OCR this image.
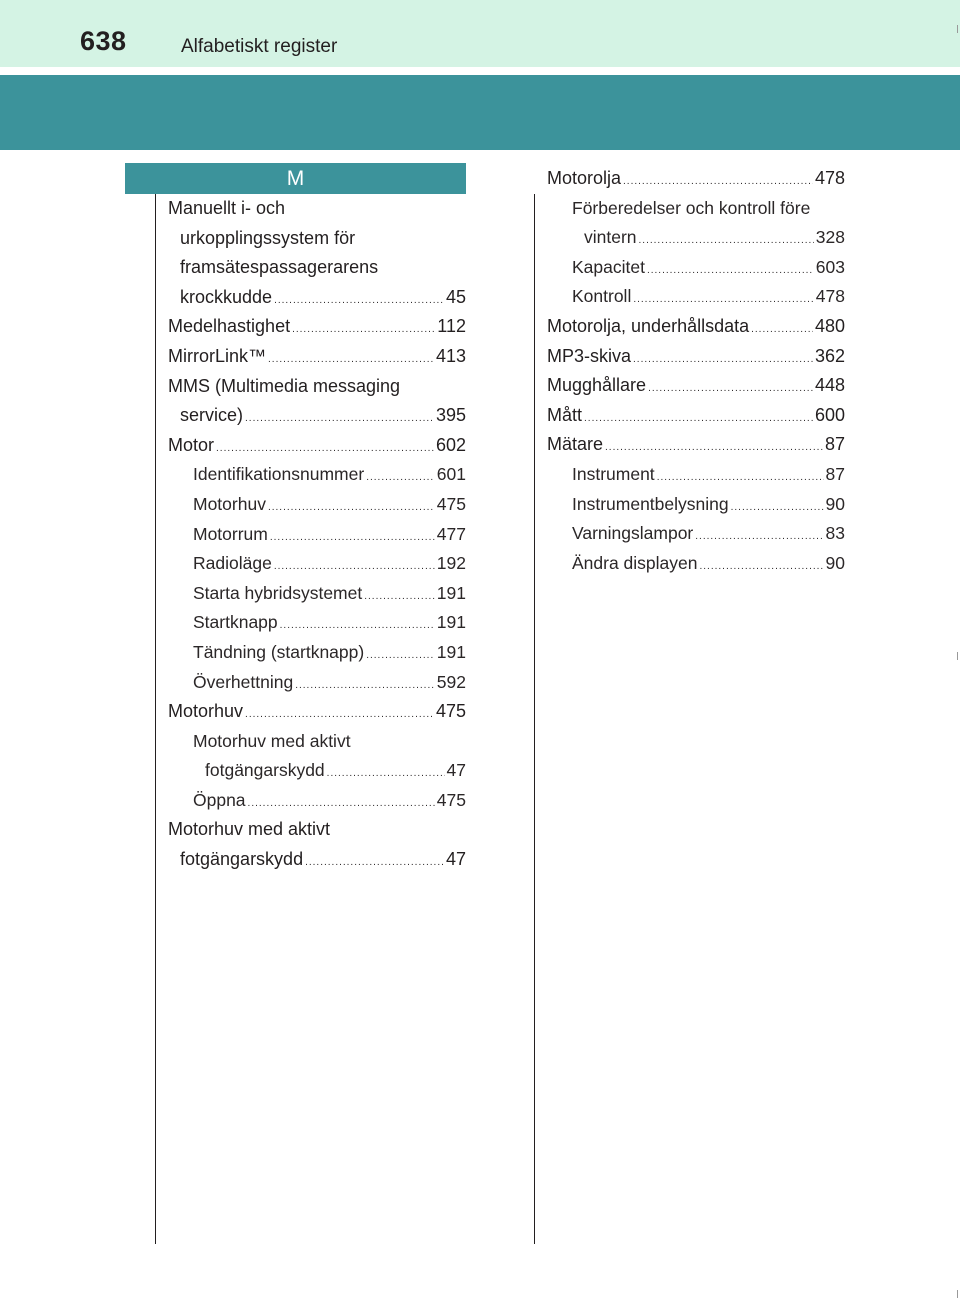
638	Alfabetiskt register
M
Manuellt i- och
urkopplingssystem för
framsätespassagerarens
krockkudde .....	45
Medelhastighet .....	112
MirrorLink™ .....	413
MMS (Multimedia messaging
service) .....	395
Motor .....	602
Identifikationsnummer .....	601
Motorhuv .....	475
Motorrum .....	477
Radioläge .....	192
Starta hybridsystemet .....	191
Startknapp .....	191
Tändning (startknapp) .....	191
Överhettning .....	592
Motorhuv .....	475
Motorhuv med aktivt
fotgängarskydd .....	47
Öppna .....	475
Motorhuv med aktivt
fotgängarskydd .....	47
Motorolja .....	478
Förberedelser och kontroll före
vintern .....	328
Kapacitet .....	603
Kontroll .....	478
Motorolja, underhållsdata .....	480
MP3-skiva .....	362
Mugghållare .....	448
Mått .....	600
Mätare .....	87
Instrument .....	87
Instrumentbelysning .....	90
Varningslampor .....	83
Ändra displayen .....	90
